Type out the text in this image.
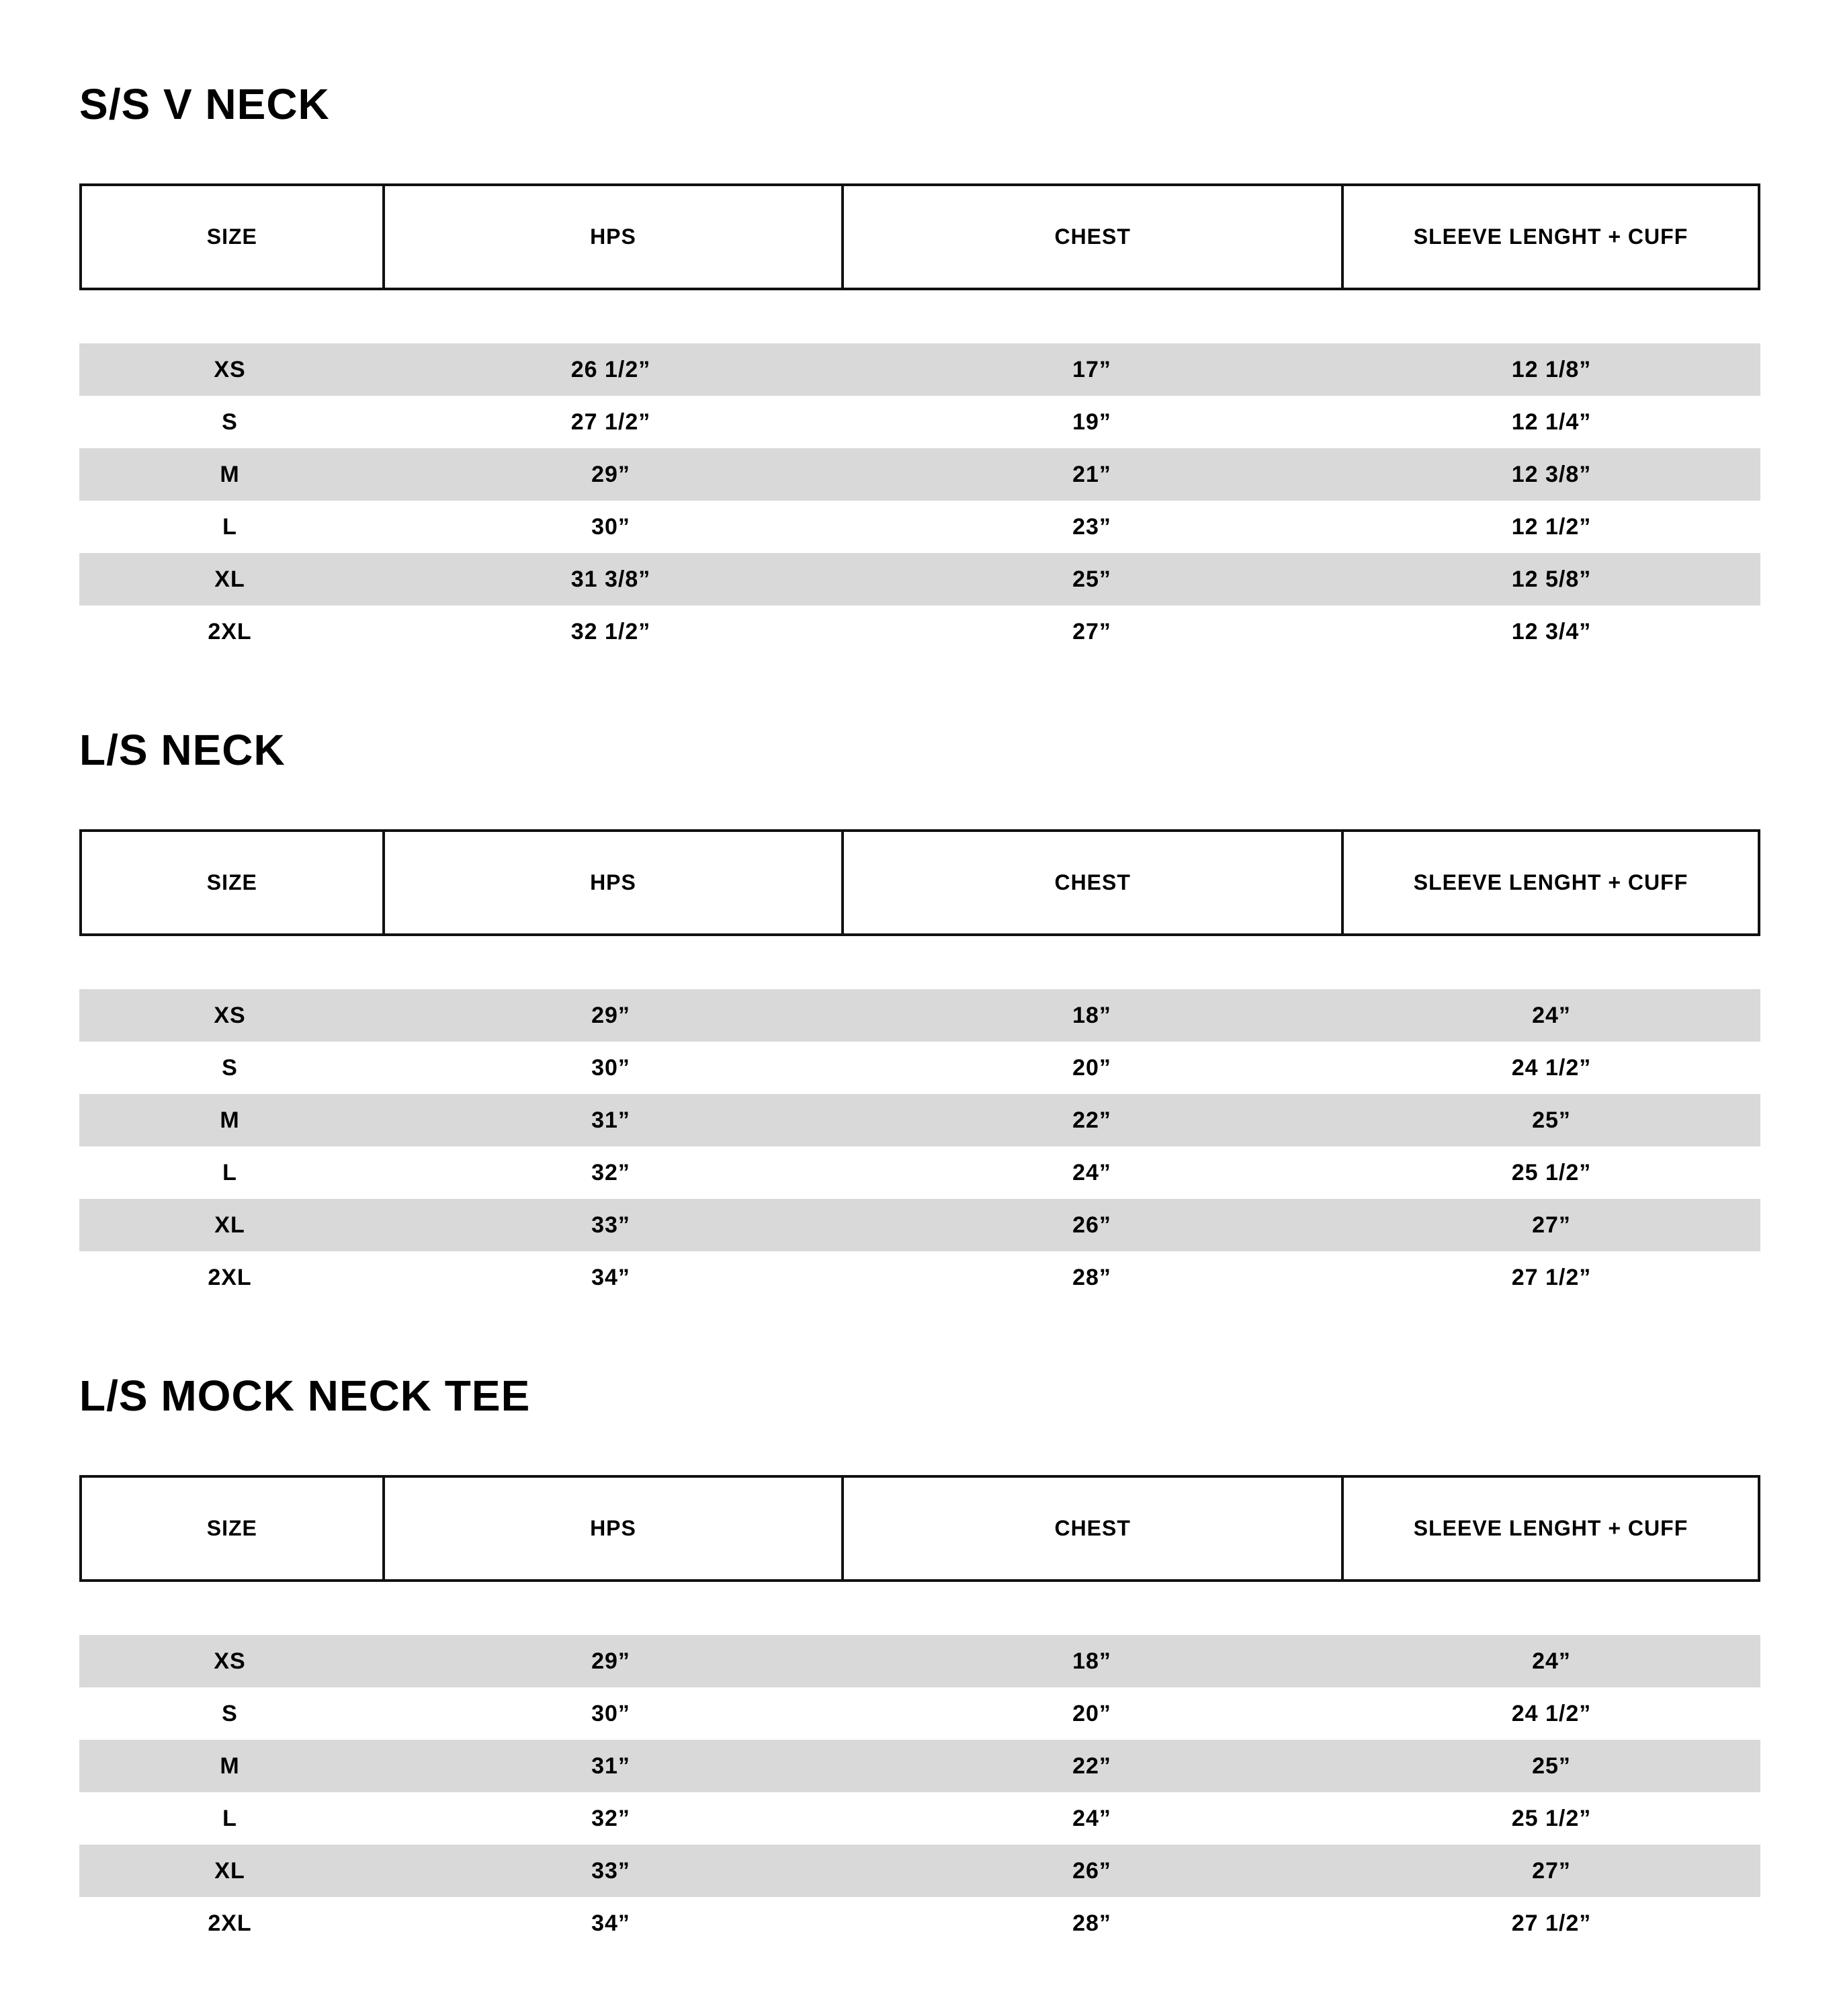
S/S V NECK
SIZE	HPS	CHEST	SLEEVE LENGHT + CUFF
XS	26 1/2”	17”	12 1/8”
S	27 1/2”	19”	12 1/4”
M	29”	21”	12 3/8”
L	30”	23”	12 1/2”
XL	31 3/8”	25”	12 5/8”
2XL	32 1/2”	27”	12 3/4”
L/S NECK
SIZE	HPS	CHEST	SLEEVE LENGHT + CUFF
XS	29”	18”	24”
S	30”	20”	24 1/2”
M	31”	22”	25”
L	32”	24”	25 1/2”
XL	33”	26”	27”
2XL	34”	28”	27 1/2”
L/S MOCK NECK TEE
SIZE	HPS	CHEST	SLEEVE LENGHT + CUFF
XS	29”	18”	24”
S	30”	20”	24 1/2”
M	31”	22”	25”
L	32”	24”	25 1/2”
XL	33”	26”	27”
2XL	34”	28”	27 1/2”
